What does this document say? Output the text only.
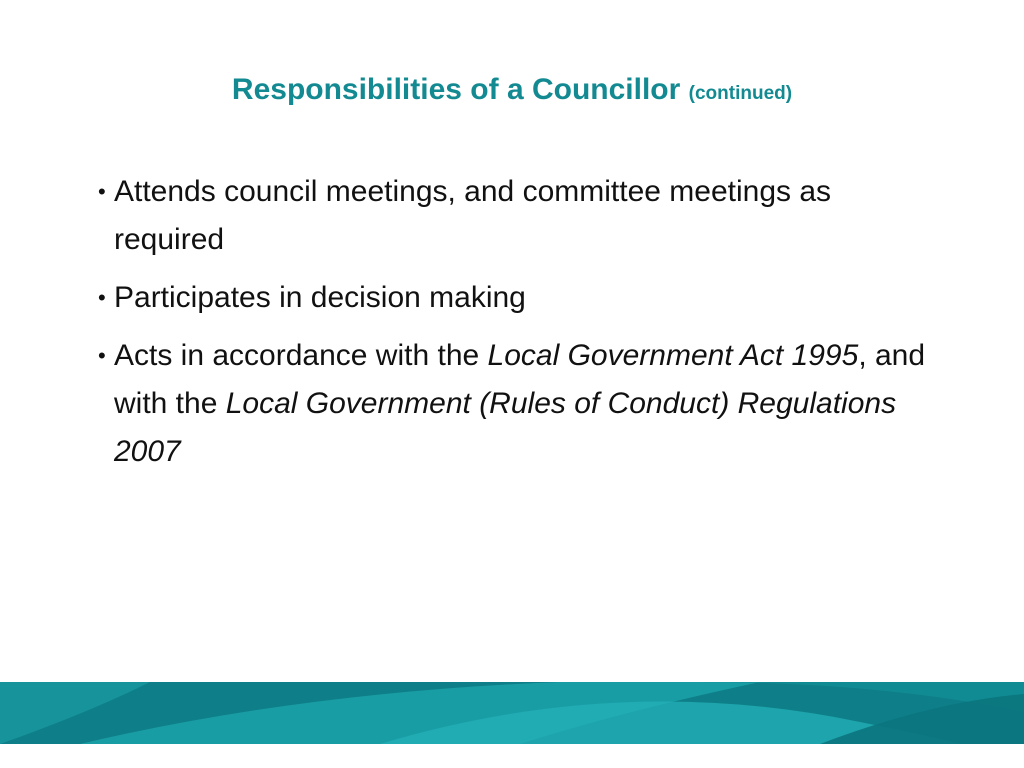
Responsibilities of a Councillor (continued)
• Attends council meetings, and committee meetings as required
• Participates in decision making
• Acts in accordance with the Local Government Act 1995, and with the Local Government (Rules of Conduct) Regulations 2007
